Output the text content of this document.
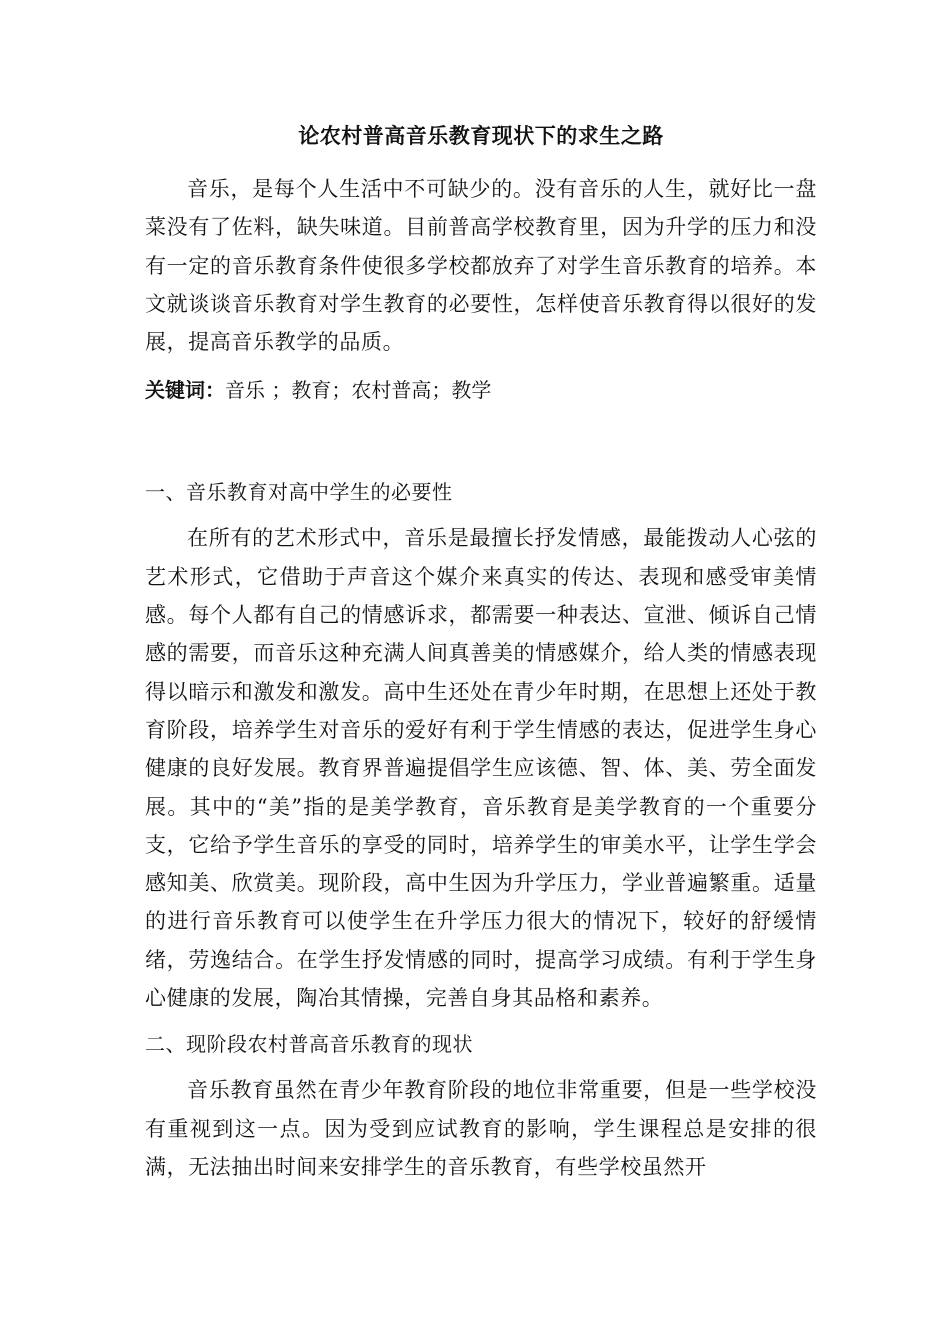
论农村普高音乐教育现状下的求生之路

音乐，是每个人生活中不可缺少的。没有音乐的人生，就好比一盘菜没有了佐料，缺失味道。目前普高学校教育里，因为升学的压力和没有一定的音乐教育条件使很多学校都放弃了对学生音乐教育的培养。本文就谈谈音乐教育对学生教育的必要性，怎样使音乐教育得以很好的发展，提高音乐教学的品质。

关键词：音乐 ；教育；农村普高；教学

一、音乐教育对高中学生的必要性

在所有的艺术形式中，音乐是最擅长抒发情感，最能拨动人心弦的艺术形式，它借助于声音这个媒介来真实的传达、表现和感受审美情感。每个人都有自己的情感诉求，都需要一种表达、宣泄、倾诉自己情感的需要，而音乐这种充满人间真善美的情感媒介，给人类的情感表现得以暗示和激发和激发。高中生还处在青少年时期，在思想上还处于教育阶段，培养学生对音乐的爱好有利于学生情感的表达，促进学生身心健康的良好发展。教育界普遍提倡学生应该德、智、体、美、劳全面发展。其中的“美”指的是美学教育，音乐教育是美学教育的一个重要分支，它给予学生音乐的享受的同时，培养学生的审美水平，让学生学会感知美、欣赏美。现阶段，高中生因为升学压力，学业普遍繁重。适量的进行音乐教育可以使学生在升学压力很大的情况下，较好的舒缓情绪，劳逸结合。在学生抒发情感的同时，提高学习成绩。有利于学生身心健康的发展，陶冶其情操，完善自身其品格和素养。

二、现阶段农村普高音乐教育的现状

音乐教育虽然在青少年教育阶段的地位非常重要，但是一些学校没有重视到这一点。因为受到应试教育的影响，学生课程总是安排的很满，无法抽出时间来安排学生的音乐教育，有些学校虽然开
